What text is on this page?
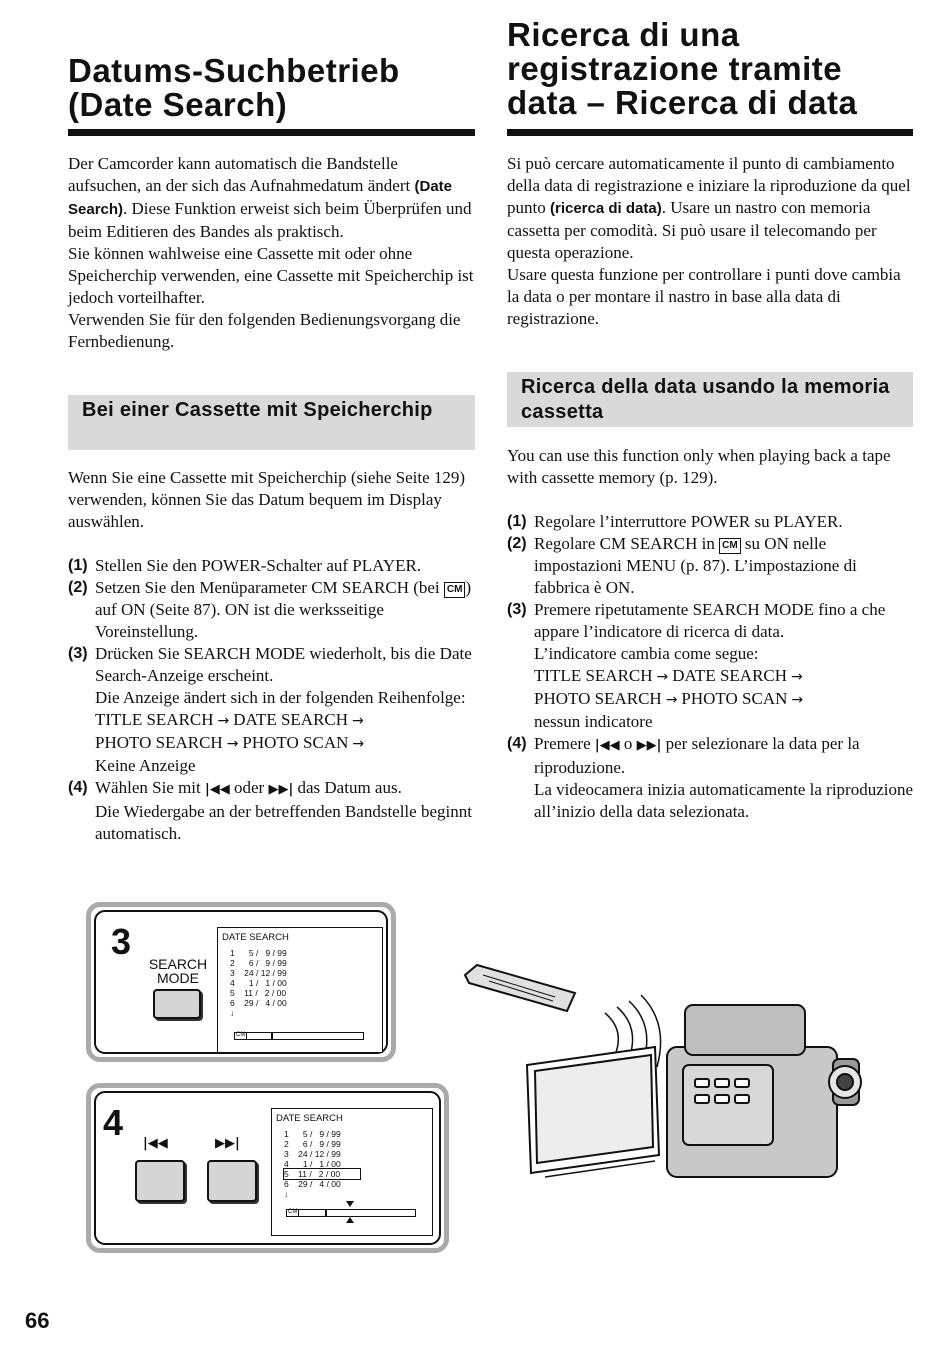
Datums-Suchbetrieb
(Date Search)

Der Camcorder kann automatisch die Bandstelle aufsuchen, an der sich das Aufnahmedatum ändert (Date Search). Diese Funktion erweist sich beim Überprüfen und beim Editieren des Bandes als praktisch.

Sie können wahlweise eine Cassette mit oder ohne Speicherchip verwenden, eine Cassette mit Speicherchip ist jedoch vorteilhafter.

Verwenden Sie für den folgenden Bedienungsvorgang die Fernbedienung.

Bei einer Cassette mit Speicherchip

Wenn Sie eine Cassette mit Speicherchip (siehe Seite 129) verwenden, können Sie das Datum bequem im Display auswählen.

(1) Stellen Sie den POWER-Schalter auf PLAYER.
(2) Setzen Sie den Menüparameter CM SEARCH (bei CM ) auf ON (Seite 87). ON ist die werksseitige Voreinstellung.
(3) Drücken Sie SEARCH MODE wiederholt, bis die Date Search-Anzeige erscheint.
Die Anzeige ändert sich in der folgenden Reihenfolge:
TITLE SEARCH → DATE SEARCH →
PHOTO SEARCH → PHOTO SCAN →
Keine Anzeige
(4) Wählen Sie mit |◀◀ oder ▶▶| das Datum aus.
Die Wiedergabe an der betreffenden Bandstelle beginnt automatisch.
Ricerca di una
registrazione tramite
data – Ricerca di data

Si può cercare automaticamente il punto di cambiamento della data di registrazione e iniziare la riproduzione da quel punto (ricerca di data). Usare un nastro con memoria cassetta per comodità. Si può usare il telecomando per questa operazione.

Usare questa funzione per controllare i punti dove cambia la data o per montare il nastro in base alla data di registrazione.

Ricerca della data usando la memoria cassetta

You can use this function only when playing back a tape with cassette memory (p. 129).

(1) Regolare l’interruttore POWER su PLAYER.
(2) Regolare CM SEARCH in CM su ON nelle impostazioni MENU (p. 87). L’impostazione di fabbrica è ON.
(3) Premere ripetutamente SEARCH MODE fino a che appare l’indicatore di ricerca di data.
L’indicatore cambia come segue:
TITLE SEARCH → DATE SEARCH →
PHOTO SEARCH → PHOTO SCAN →
nessun indicatore
(4) Premere |◀◀ o ▶▶| per selezionare la data per la riproduzione.
La videocamera inizia automaticamente la riproduzione all’inizio della data selezionata.
3
SEARCH
MODE
DATE SEARCH
1      5 /   9 / 99
2      6 /   9 / 99
3    24 / 12 / 99
4      1 /   1 / 00
5    11 /   2 / 00
6    29 /   4 / 00
↓
CM
4
|◀◀	▶▶|
DATE SEARCH
1      5 /   9 / 99
2      6 /   9 / 99
3    24 / 12 / 99
4      1 /   1 / 00
5    11 /   2 / 00
6    29 /   4 / 00
↓
CM
66
